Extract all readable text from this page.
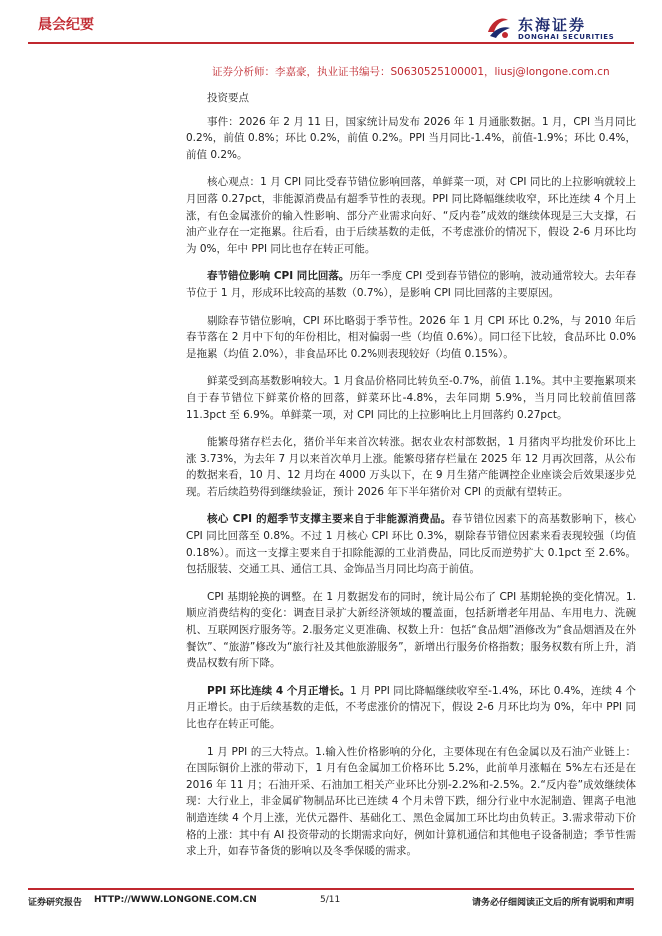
晨会纪要	东海证券
DONGHAI SECURITIES
证券分析师：李嘉豪，执业证书编号：S0630525100001，liusj@longone.com.cn

投资要点

事件：2026 年 2 月 11 日，国家统计局发布 2026 年 1 月通胀数据。1 月，CPI 当月同比 0.2%，前值 0.8%；环比 0.2%，前值 0.2%。PPI 当月同比-1.4%，前值-1.9%；环比 0.4%，前值 0.2%。

核心观点：1 月 CPI 同比受春节错位影响回落，单鲜菜一项，对 CPI 同比的上拉影响就较上月回落 0.27pct，非能源消费品有超季节性的表现。PPI 同比降幅继续收窄，环比连续 4 个月上涨，有色金属涨价的输入性影响、部分产业需求向好、“反内卷”成效的继续体现是三大支撑，石油产业存在一定拖累。往后看，由于后续基数的走低，不考虑涨价的情况下，假设 2-6 月环比均为 0%，年中 PPI 同比也存在转正可能。

春节错位影响 CPI 同比回落。历年一季度 CPI 受到春节错位的影响，波动通常较大。去年春节位于 1 月，形成环比较高的基数（0.7%），是影响 CPI 同比回落的主要原因。

剔除春节错位影响，CPI 环比略弱于季节性。2026 年 1 月 CPI 环比 0.2%，与 2010 年后春节落在 2 月中下旬的年份相比，相对偏弱一些（均值 0.6%）。同口径下比较，食品环比 0.0%是拖累（均值 2.0%），非食品环比 0.2%则表现较好（均值 0.15%）。

鲜菜受到高基数影响较大。1 月食品价格同比转负至-0.7%，前值 1.1%。其中主要拖累项来自于春节错位下鲜菜价格的回落，鲜菜环比-4.8%，去年同期 5.9%，当月同比较前值回落 11.3pct 至 6.9%。单鲜菜一项，对 CPI 同比的上拉影响比上月回落约 0.27pct。

能繁母猪存栏去化，猪价半年来首次转涨。据农业农村部数据，1 月猪肉平均批发价环比上涨 3.73%，为去年 7 月以来首次单月上涨。能繁母猪存栏量在 2025 年 12 月再次回落，从公布的数据来看，10 月、12 月均在 4000 万头以下，在 9 月生猪产能调控企业座谈会后效果逐步兑现。若后续趋势得到继续验证，预计 2026 年下半年猪价对 CPI 的贡献有望转正。

核心 CPI 的超季节支撑主要来自于非能源消费品。春节错位因素下的高基数影响下，核心 CPI 同比回落至 0.8%。不过 1 月核心 CPI 环比 0.3%，剔除春节错位因素来看表现较强（均值 0.18%）。而这一支撑主要来自于扣除能源的工业消费品，同比反而逆势扩大 0.1pct 至 2.6%。包括服装、交通工具、通信工具、金饰品当月同比均高于前值。

CPI 基期轮换的调整。在 1 月数据发布的同时，统计局公布了 CPI 基期轮换的变化情况。1.顺应消费结构的变化：调查目录扩大新经济领域的覆盖面，包括新增老年用品、车用电力、洗碗机、互联网医疗服务等。2.服务定义更准确、权数上升：包括“食品烟”酒修改为“食品烟酒及在外餐饮”、“旅游”修改为“旅行社及其他旅游服务”，新增出行服务价格指数；服务权数有所上升，消费品权数有所下降。

PPI 环比连续 4 个月正增长。1 月 PPI 同比降幅继续收窄至-1.4%，环比 0.4%，连续 4 个月正增长。由于后续基数的走低，不考虑涨价的情况下，假设 2-6 月环比均为 0%，年中 PPI 同比也存在转正可能。

1 月 PPI 的三大特点。1.输入性价格影响的分化，主要体现在有色金属以及石油产业链上：在国际铜价上涨的带动下，1 月有色金属加工价格环比 5.2%，此前单月涨幅在 5%左右还是在 2016 年 11 月；石油开采、石油加工相关产业环比分别-2.2%和-2.5%。2.“反内卷”成效继续体现：大行业上，非金属矿物制品环比已连续 4 个月未曾下跌，细分行业中水泥制造、锂离子电池制造连续 4 个月上涨，光伏元器件、基础化工、黑色金属加工环比均由负转正。3.需求带动下价格的上涨：其中有 AI 投资带动的长期需求向好，例如计算机通信和其他电子设备制造；季节性需求上升，如春节备货的影响以及冬季保暖的需求。

证券研究报告 HTTP://WWW.LONGONE.COM.CN	5/11	请务必仔细阅读正文后的所有说明和声明
